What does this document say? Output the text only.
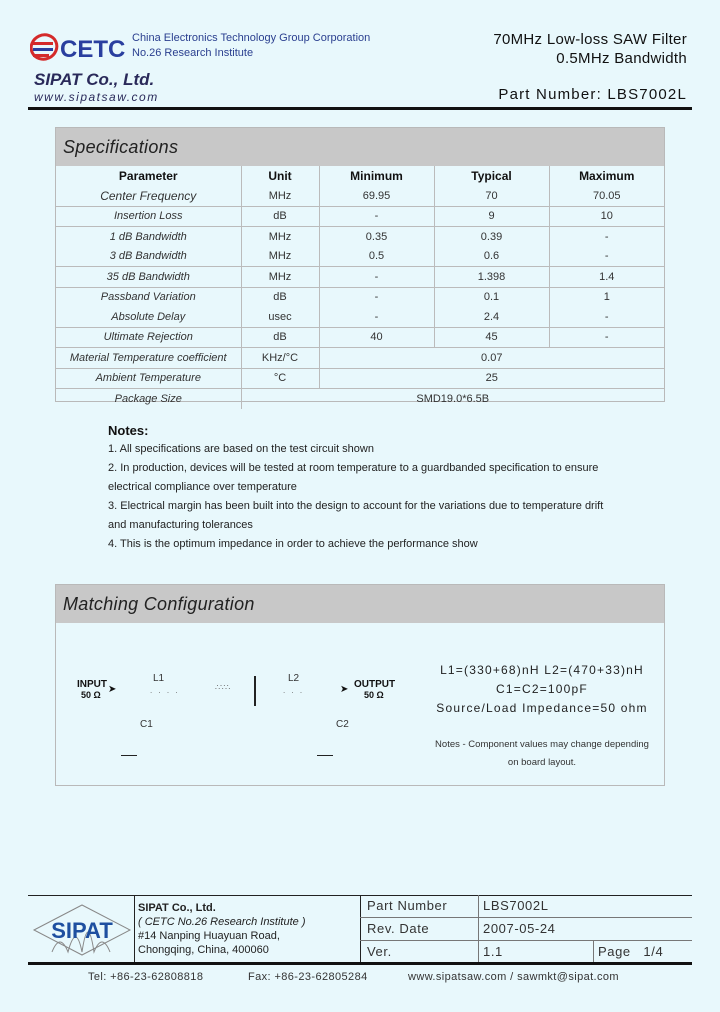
CETC China Electronics Technology Group Corporation
No.26 Research Institute
SIPAT Co., Ltd.
www.sipatsaw.com
70MHz Low-loss SAW Filter
0.5MHz Bandwidth
Part Number: LBS7002L
Specifications
Parameter	Unit	Minimum	Typical	Maximum
Center Frequency	MHz	69.95	70	70.05
Insertion Loss	dB	-	9	10
1 dB Bandwidth	MHz	0.35	0.39	-
3 dB Bandwidth	MHz	0.5	0.6	-
35 dB Bandwidth	MHz	-	1.398	1.4
Passband Variation	dB	-	0.1	1
Absolute Delay	usec	-	2.4	-
Ultimate Rejection	dB	40	45	-
Material Temperature coefficient	KHz/°C	0.07		
Ambient Temperature	°C	25		
Package Size	SMD19.0*6.5B			
Notes:
1. All specifications are based on the test circuit shown
2. In production, devices will be tested at room temperature to a guardbanded specification to ensure
electrical compliance over temperature
3. Electrical margin has been built into the design to account for the variations due to temperature drift
and manufacturing tolerances
4. This is the optimum impedance in order to achieve the performance show
Matching Configuration
INPUT
50 Ω ➤
L1
. . . .	∴∵∴
L2
. . .	➤ OUTPUT
50 Ω
C1	C2
L1=(330+68)nH L2=(470+33)nH
C1=C2=100pF
Source/Load Impedance=50 ohm
Notes - Component values may change depending
on board layout.
SIPAT
SIPAT Co., Ltd.
( CETC No.26 Research Institute )
#14 Nanping Huayuan Road,
Chongqing, China, 400060
Part Number	LBS7002L
Rev. Date	2007-05-24
Ver.	1.1	Page   1/4
Tel: +86-23-62808818	Fax: +86-23-62805284	www.sipatsaw.com / sawmkt@sipat.com
